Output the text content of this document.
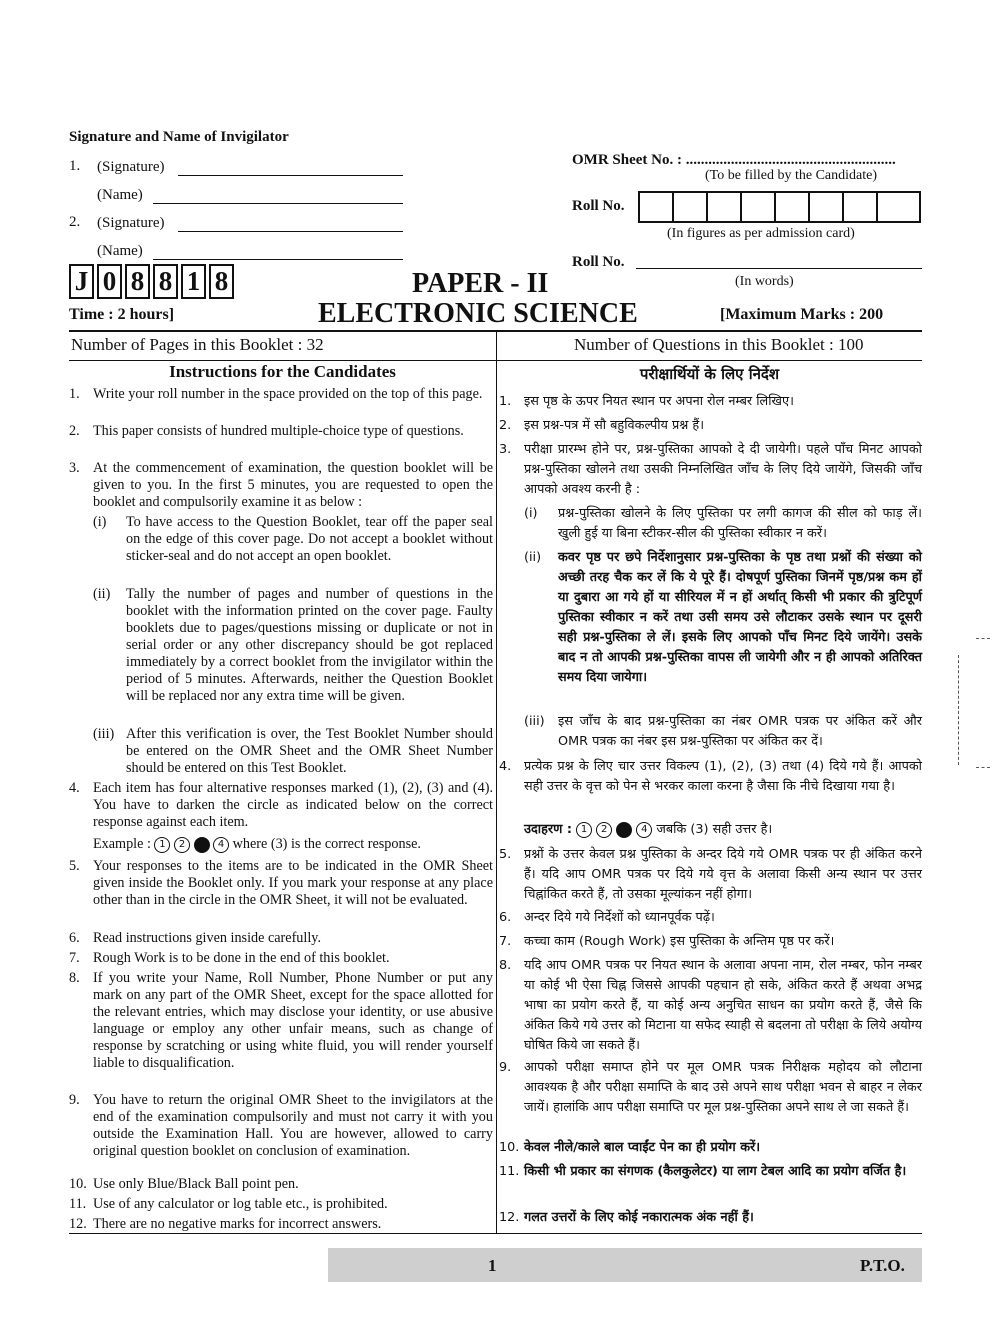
Signature and Name of Invigilator
1. (Signature)
(Name)
2. (Signature)
(Name)
OMR Sheet No. : ........................................................
(To be filled by the Candidate)
Roll No.
(In figures as per admission card)
Roll No.
(In words)
J 0 8 8 1 8	PAPER - II
ELECTRONIC SCIENCE
Time : 2 hours]	[Maximum Marks : 200
Number of Pages in this Booklet : 32	Number of Questions in this Booklet : 100
Instructions for the Candidates	परीक्षार्थियों के लिए निर्देश
1. Write your roll number in the space provided on the top of this page.
2. This paper consists of hundred multiple-choice type of questions.
3. At the commencement of examination, the question booklet will be given to you. In the first 5 minutes, you are requested to open the booklet and compulsorily examine it as below :
(i) To have access to the Question Booklet, tear off the paper seal on the edge of this cover page. Do not accept a booklet without sticker-seal and do not accept an open booklet.
(ii) Tally the number of pages and number of questions in the booklet with the information printed on the cover page. Faulty booklets due to pages/questions missing or duplicate or not in serial order or any other discrepancy should be got replaced immediately by a correct booklet from the invigilator within the period of 5 minutes. Afterwards, neither the Question Booklet will be replaced nor any extra time will be given.
(iii) After this verification is over, the Test Booklet Number should be entered on the OMR Sheet and the OMR Sheet Number should be entered on this Test Booklet.
4. Each item has four alternative responses marked (1), (2), (3) and (4). You have to darken the circle as indicated below on the correct response against each item.
Example : 1 2	4 where (3) is the correct response.
5. Your responses to the items are to be indicated in the OMR Sheet given inside the Booklet only. If you mark your response at any place other than in the circle in the OMR Sheet, it will not be evaluated.
6. Read instructions given inside carefully.
7. Rough Work is to be done in the end of this booklet.
8. If you write your Name, Roll Number, Phone Number or put any mark on any part of the OMR Sheet, except for the space allotted for the relevant entries, which may disclose your identity, or use abusive language or employ any other unfair means, such as change of response by scratching or using white fluid, you will render yourself liable to disqualification.
9. You have to return the original OMR Sheet to the invigilators at the end of the examination compulsorily and must not carry it with you outside the Examination Hall. You are however, allowed to carry original question booklet on conclusion of examination.
10. Use only Blue/Black Ball point pen.
11. Use of any calculator or log table etc., is prohibited.
12. There are no negative marks for incorrect answers.
1. इस पृष्ठ के ऊपर नियत स्थान पर अपना रोल नम्बर लिखिए।
2. इस प्रश्न-पत्र में सौ बहुविकल्पीय प्रश्न हैं।
3. परीक्षा प्रारम्भ होने पर, प्रश्न-पुस्तिका आपको दे दी जायेगी। पहले पाँच मिनट आपको प्रश्न-पुस्तिका खोलने तथा उसकी निम्नलिखित जाँच के लिए दिये जायेंगे, जिसकी जाँच आपको अवश्य करनी है :
(i) प्रश्न-पुस्तिका खोलने के लिए पुस्तिका पर लगी कागज की सील को फाड़ लें। खुली हुई या बिना स्टीकर-सील की पुस्तिका स्वीकार न करें।
(ii) कवर पृष्ठ पर छपे निर्देशानुसार प्रश्न-पुस्तिका के पृष्ठ तथा प्रश्नों की संख्या को अच्छी तरह चैक कर लें कि ये पूरे हैं। दोषपूर्ण पुस्तिका जिनमें पृष्ठ/प्रश्न कम हों या दुबारा आ गये हों या सीरियल में न हों अर्थात् किसी भी प्रकार की त्रुटिपूर्ण पुस्तिका स्वीकार न करें तथा उसी समय उसे लौटाकर उसके स्थान पर दूसरी सही प्रश्न-पुस्तिका ले लें। इसके लिए आपको पाँच मिनट दिये जायेंगे। उसके बाद न तो आपकी प्रश्न-पुस्तिका वापस ली जायेगी और न ही आपको अतिरिक्त समय दिया जायेगा।
(iii) इस जाँच के बाद प्रश्न-पुस्तिका का नंबर OMR पत्रक पर अंकित करें और OMR पत्रक का नंबर इस प्रश्न-पुस्तिका पर अंकित कर दें।
4. प्रत्येक प्रश्न के लिए चार उत्तर विकल्प (1), (2), (3) तथा (4) दिये गये हैं। आपको सही उत्तर के वृत्त को पेन से भरकर काला करना है जैसा कि नीचे दिखाया गया है।
उदाहरण : 1 2	4 जबकि (3) सही उत्तर है।
5. प्रश्नों के उत्तर केवल प्रश्न पुस्तिका के अन्दर दिये गये OMR पत्रक पर ही अंकित करने हैं। यदि आप OMR पत्रक पर दिये गये वृत्त के अलावा किसी अन्य स्थान पर उत्तर चिह्नांकित करते हैं, तो उसका मूल्यांकन नहीं होगा।
6. अन्दर दिये गये निर्देशों को ध्यानपूर्वक पढ़ें।
7. कच्चा काम (Rough Work) इस पुस्तिका के अन्तिम पृष्ठ पर करें।
8. यदि आप OMR पत्रक पर नियत स्थान के अलावा अपना नाम, रोल नम्बर, फोन नम्बर या कोई भी ऐसा चिह्न जिससे आपकी पहचान हो सके, अंकित करते हैं अथवा अभद्र भाषा का प्रयोग करते हैं, या कोई अन्य अनुचित साधन का प्रयोग करते हैं, जैसे कि अंकित किये गये उत्तर को मिटाना या सफेद स्याही से बदलना तो परीक्षा के लिये अयोग्य घोषित किये जा सकते हैं।
9. आपको परीक्षा समाप्त होने पर मूल OMR पत्रक निरीक्षक महोदय को लौटाना आवश्यक है और परीक्षा समाप्ति के बाद उसे अपने साथ परीक्षा भवन से बाहर न लेकर जायें। हालांकि आप परीक्षा समाप्ति पर मूल प्रश्न-पुस्तिका अपने साथ ले जा सकते हैं।
10. केवल नीले/काले बाल प्वाईंट पेन का ही प्रयोग करें।
11. किसी भी प्रकार का संगणक (कैलकुलेटर) या लाग टेबल आदि का प्रयोग वर्जित है।
12. गलत उत्तरों के लिए कोई नकारात्मक अंक नहीं हैं।
1	P.T.O.
